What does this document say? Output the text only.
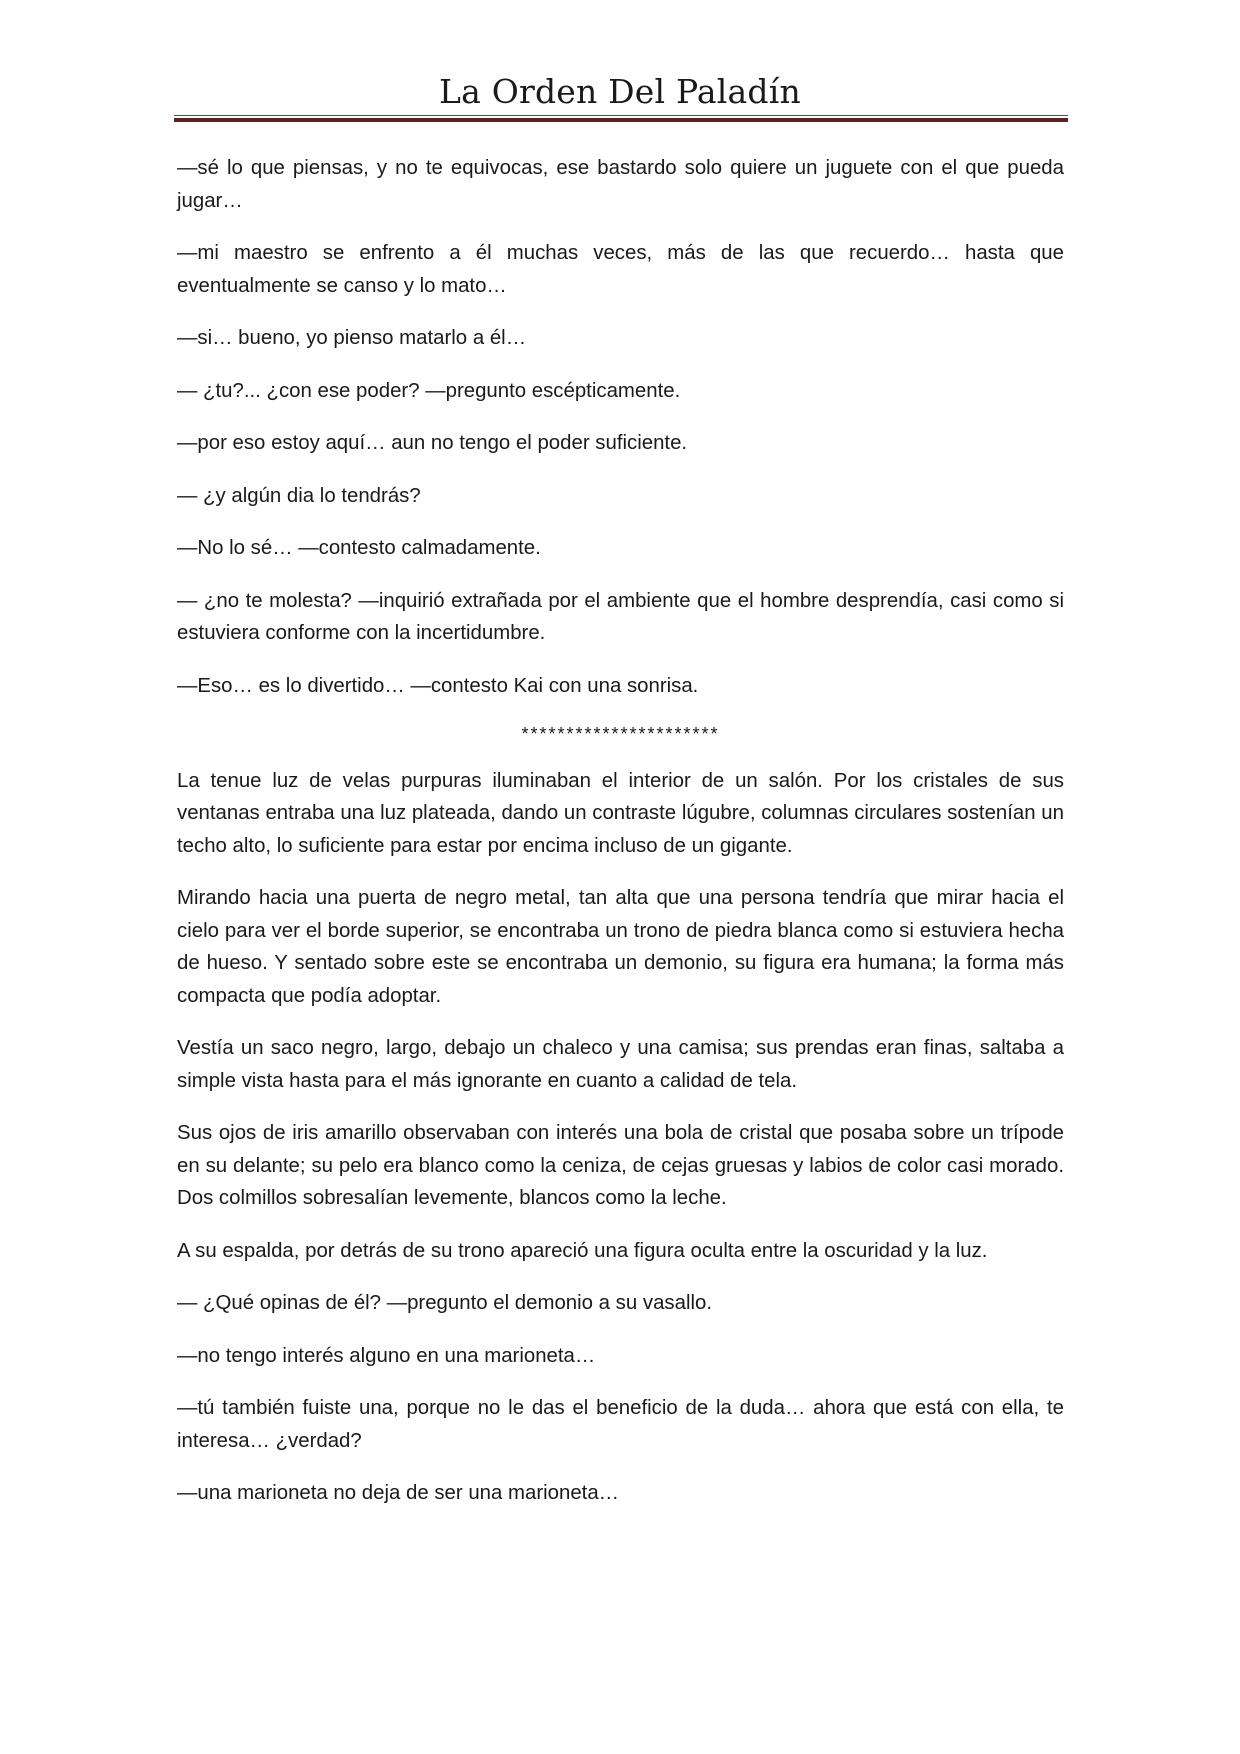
La Orden Del Paladín

—sé lo que piensas, y no te equivocas, ese bastardo solo quiere un juguete con el que pueda jugar…

—mi maestro se enfrento a él muchas veces, más de las que recuerdo… hasta que eventualmente se canso y lo mato…

—si… bueno, yo pienso matarlo a él…

— ¿tu?... ¿con ese poder? —pregunto escépticamente.

—por eso estoy aquí… aun no tengo el poder suficiente.

— ¿y algún dia lo tendrás?

—No lo sé… —contesto calmadamente.

— ¿no te molesta? —inquirió extrañada por el ambiente que el hombre desprendía, casi como si estuviera conforme con la incertidumbre.

—Eso… es lo divertido… —contesto Kai con una sonrisa.

**********************

La tenue luz de velas purpuras iluminaban el interior de un salón. Por los cristales de sus ventanas entraba una luz plateada, dando un contraste lúgubre, columnas circulares sostenían un techo alto, lo suficiente para estar por encima incluso de un gigante.

Mirando hacia una puerta de negro metal, tan alta que una persona tendría que mirar hacia el cielo para ver el borde superior, se encontraba un trono de piedra blanca como si estuviera hecha de hueso. Y sentado sobre este se encontraba un demonio, su figura era humana; la forma más compacta que podía adoptar.

Vestía un saco negro, largo, debajo un chaleco y una camisa; sus prendas eran finas, saltaba a simple vista hasta para el más ignorante en cuanto a calidad de tela.

Sus ojos de iris amarillo observaban con interés una bola de cristal que posaba sobre un trípode en su delante; su pelo era blanco como la ceniza, de cejas gruesas y labios de color casi morado. Dos colmillos sobresalían levemente, blancos como la leche.

A su espalda, por detrás de su trono apareció una figura oculta entre la oscuridad y la luz.

— ¿Qué opinas de él? —pregunto el demonio a su vasallo.

—no tengo interés alguno en una marioneta…

—tú también fuiste una, porque no le das el beneficio de la duda… ahora que está con ella, te interesa… ¿verdad?

—una marioneta no deja de ser una marioneta…
